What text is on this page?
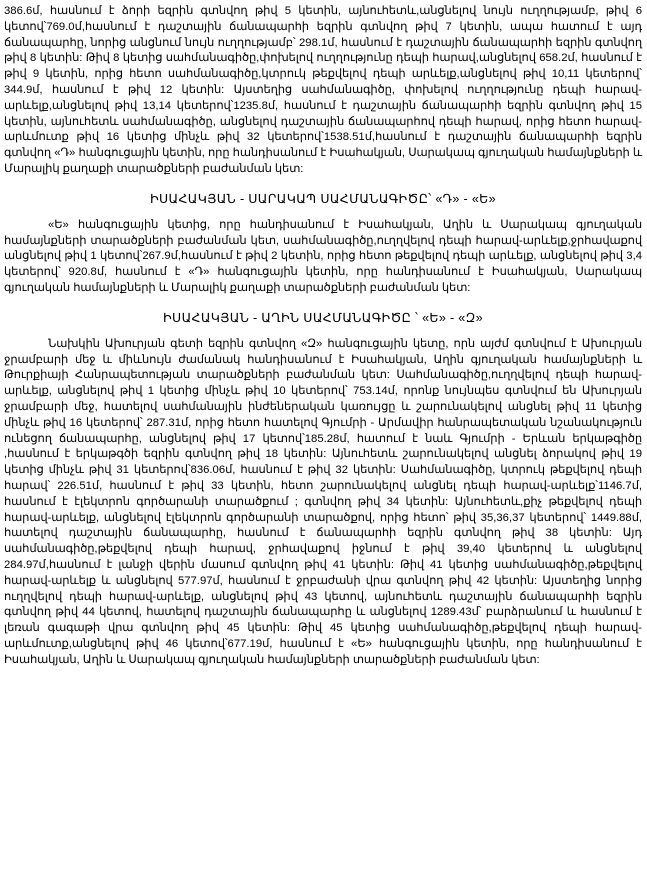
386.6մ, հասնում է ձորի եզրին գտնվող թիվ 5 կետին, այնուհետև,անցնելով նույն ուղղությամբ, թիվ 6 կետով՝769.0մ,հասնում է դաշտային ճանապարհի եզրին գտնվող թիվ 7 կետին, ապա հատում է այդ ճանապարհը, նորից անցնում նույն ուղղությամբ՝ 298.1մ, հասնում է դաշտային ճանապարհի եզրին գտնվող թիվ 8 կետին: Թիվ 8 կետից սահմանագիծը,փոխելով ուղղությունը դեպի հարավ,անցնելով 658.2մ, հասնում է թիվ 9 կետին, որից հետո սահմանագիծը,կտրուկ թեքվելով դեպի արևելք,անցնելով թիվ 10,11 կետերով՝ 344.9մ, հասնում է թիվ 12 կետին: Այստեղից սահմանագիծը, փոխելով ուղղությունը դեպի հարավ-արևելք,անցնելով թիվ 13,14 կետերով՝1235.8մ, հասնում է դաշտային ճանապարհի եզրին գտնվող թիվ 15 կետին, այնուհետև սահմանագիծը, անցնելով դաշտային ճանապարհով դեպի հարավ, որից հետո հարավ-արևմուտք թիվ 16 կետից մինչև թիվ 32 կետերով՝1538.51մ,հասնում է դաշտային ճանապարհի եզրին գտնվող «Դ» հանգուցային կետին, որը հանդիսանում է Իսահակյան, Սարակապ գյուղական համայնքների և Մարալիկ քաղաքի տարածքների բաժանման կետ:

ԻՍԱՀԱԿՅԱՆ - ՍԱՐԱԿԱՊ ՍԱՀՄԱՆԱԳԻԾԸ՝ «Դ» - «Ե»

«Ե» հանգուցային կետից, որը հանդիսանում է Իսահակյան, Աղին և Սարակապ գյուղական համայնքների տարածքների բաժանման կետ, սահմանագիծը,ուղղվելով դեպի հարավ-արևելք,ջրհավաքով անցնելով թիվ 1 կետով՝267.9մ,հասնում է թիվ 2 կետին, որից հետո թեքվելով դեպի արևելք, անցնելով թիվ 3,4 կետերով՝ 920.8մ, հասնում է «Դ» հանգուցային կետին, որը հանդիսանում է Իսահակյան, Սարակապ գյուղական համայնքների և Մարալիկ քաղաքի տարածքների բաժանման կետ:

ԻՍԱՀԱԿՅԱՆ - ԱՂԻՆ ՍԱՀՄԱՆԱԳԻԾԸ ՝ «Ե» - «Զ»

Նախկին Ախուրյան գետի եզրին գտնվող «Զ» հանգուցային կետը, որն այժմ գտնվում է Ախուրյան ջրամբարի մեջ և միևնույն ժամանակ հանդիսանում է Իսահակյան, Աղին գյուղական համայնքների և Թուրքիայի Հանրապետության տարածքների բաժանման կետ: Սահմանագիծը,ուղղվելով դեպի հարավ-արևելք, անցնելով թիվ 1 կետից մինչև թիվ 10 կետերով՝ 753.14մ, որոնք նույնպես գտնվում են Ախուրյան ջրամբարի մեջ, հատելով սահմանային ինժեներական կառույցը և շարունակելով անցնել թիվ 11 կետից մինչև թիվ 16 կետերով՝ 287.31մ, որից հետո հատելով Գյումրի - Արմավիր հանրապետական նշանակություն ունեցող ճանապարհը, անցնելով թիվ 17 կետով՝185.28մ, հատում է նաև Գյումրի - Երևան երկաթգիծը ,հասնում է երկաթգծի եզրին գտնվող թիվ 18 կետին: Այնուհետև շարունակելով անցնել ձորակով թիվ 19 կետից մինչև թիվ 31 կետերով՝836.06մ, հասնում է թիվ 32 կետին: Սահմանագիծը, կտրուկ թեքվելով դեպի հարավ՝ 226.51մ, հասնում է թիվ 33 կետին, հետո շարունակելով անցնել դեպի հարավ-արևելք՝1146.7մ, հասնում է էլեկտրոն գործարանի տարածքում ; գտնվող թիվ 34 կետին: Այնուհետև,քիչ թեքվելով դեպի հարավ-արևելք, անցնելով էլեկտրոն գործարանի տարածքով, որից հետո՝ թիվ 35,36,37 կետերով՝ 1449.88մ, հատելով դաշտային ճանապարհը, հասնում է ճանապարհի եզրին գտնվող թիվ 38 կետին: Այդ սահմանագիծը,թեքվելով դեպի հարավ, ջրհավաքով իջնում է թիվ 39,40 կետերով և անցնելով 284.97մ,հասնում է լանջի վերին մասում գտնվող թիվ 41 կետին: Թիվ 41 կետից սահմանագիծը,թեքվելով հարավ-արևելք և անցնելով 577.97մ, հասնում է ջրբաժանի վրա գտնվող թիվ 42 կետին: Այստեղից նորից ուղղվելով դեպի հարավ-արևելք, անցնելով թիվ 43 կետով, այնուհետև դաշտային ճանապարհի եզրին գտնվող թիվ 44 կետով, հատելով դաշտային ճանապարհը և անցնելով 1289.43մ՝ բարձրանում և հասնում է լեռան գագաթի վրա գտնվող թիվ 45 կետին: Թիվ 45 կետից սահմանագիծը,թեքվելով դեպի հարավ-արևմուտք,անցնելով թիվ 46 կետով՝677.19մ, հասնում է «Ե» հանգուցային կետին, որը հանդիսանում է Իսահակյան, Աղին և Սարակապ գյուղական համայնքների տարածքների բաժանման կետ:
